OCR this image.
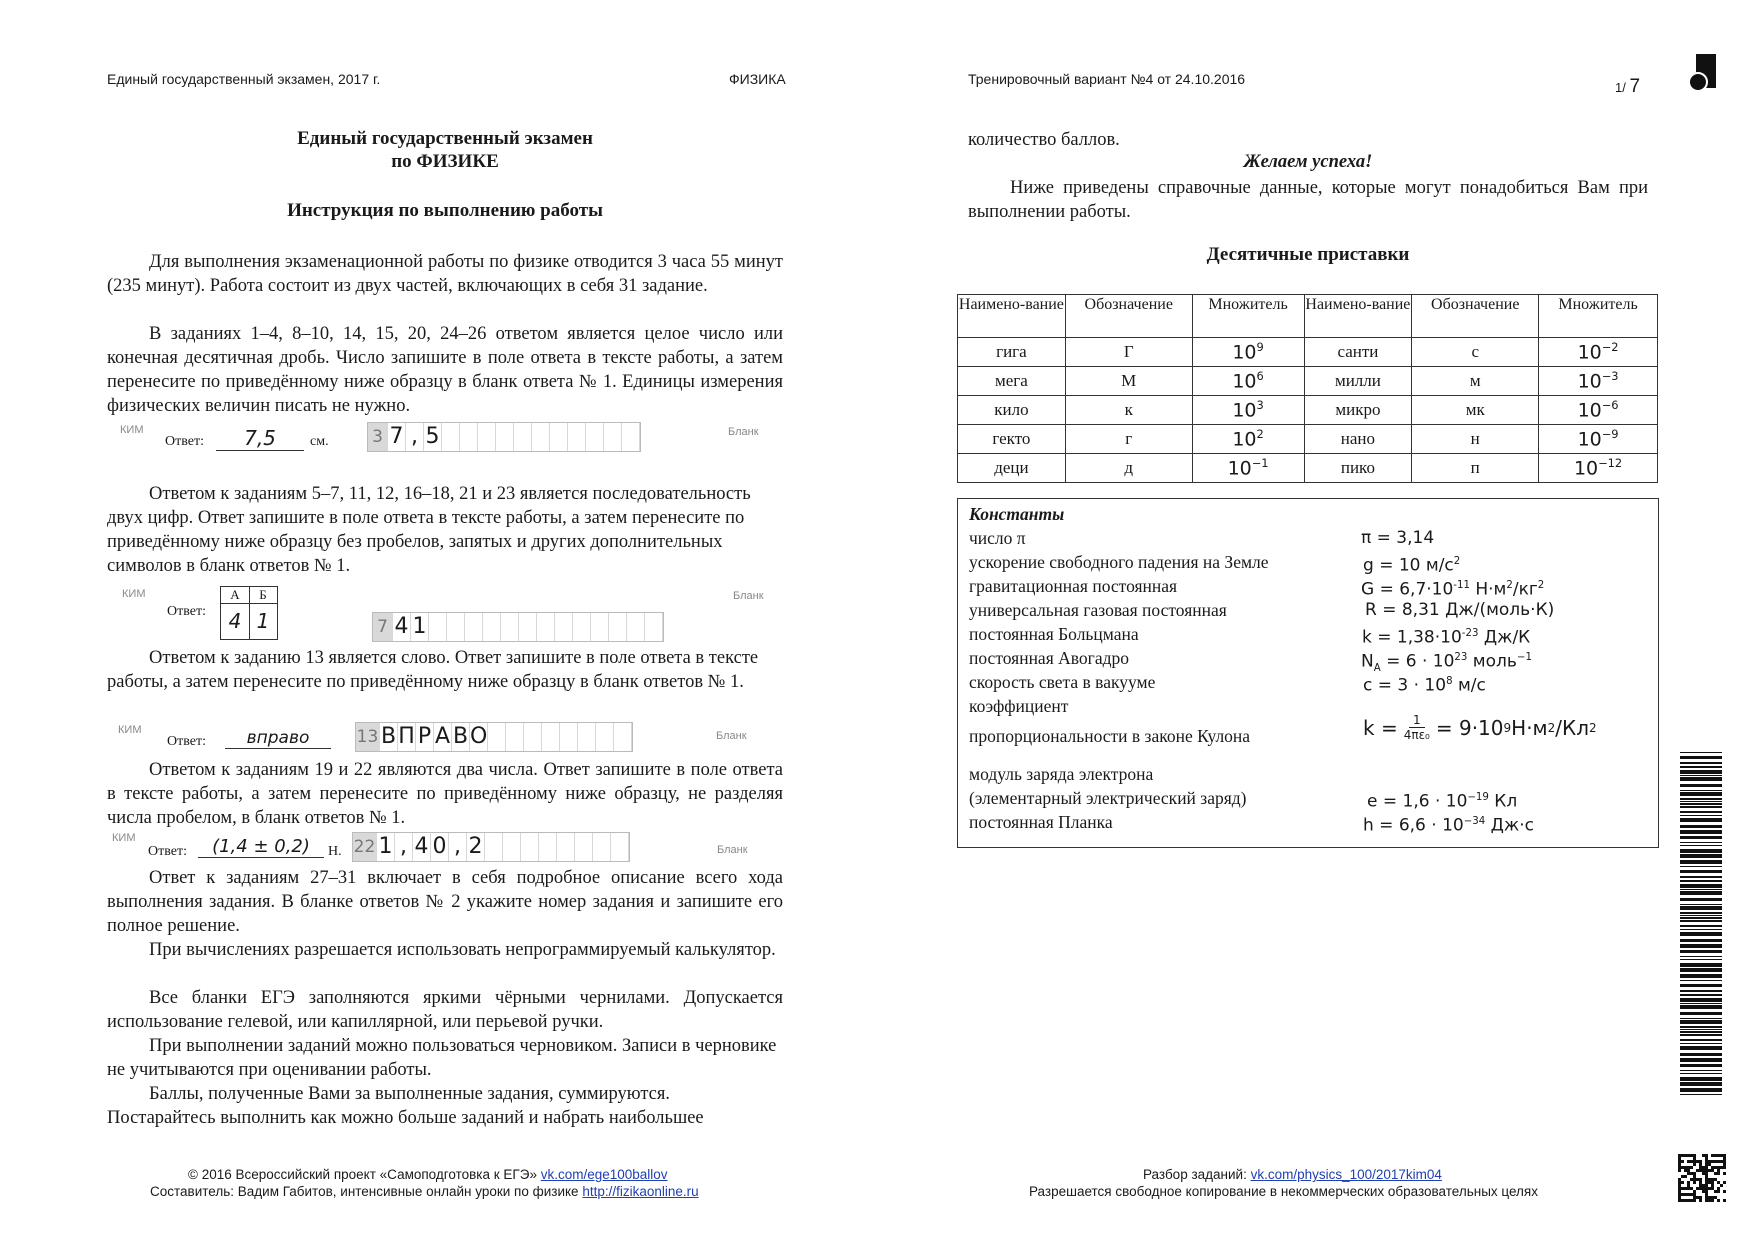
Единый государственный экзамен, 2017 г.	ФИЗИКА	Тренировочный вариант №4 от 24.10.2016
1/ 7
Единый государственный экзамен
по ФИЗИКЕ
Инструкция по выполнению работы
Для выполнения экзаменационной работы по физике отводится 3 часа 55 минут (235 минут). Работа состоит из двух частей, включающих в себя 31 задание.
В заданиях 1–4, 8–10, 14, 15, 20, 24–26 ответом является целое число или конечная десятичная дробь. Число запишите в поле ответа в тексте работы, а затем перенесите по приведённому ниже образцу в бланк ответа № 1. Единицы измерения физических величин писать не нужно.
КИМ
Ответ:	7,5	см.	3 7 , 5	Бланк
Ответом к заданиям 5–7, 11, 12, 16–18, 21 и 23 является последовательность двух цифр. Ответ запишите в поле ответа в тексте работы, а затем перенесите по приведённому ниже образцу без пробелов, запятых и других дополнительных символов в бланк ответов № 1.
КИМ
Ответ:
А	Б
4 1	7 4 1
Бланк
Ответом к заданию 13 является слово. Ответ запишите в поле ответа в тексте работы, а затем перенесите по приведённому ниже образцу в бланк ответов № 1.
КИМ
Ответ:	вправо	13 В П Р А В О	Бланк
Ответом к заданиям 19 и 22 являются два числа. Ответ запишите в поле ответа в тексте работы, а затем перенесите по приведённому ниже образцу, не разделяя числа пробелом, в бланк ответов № 1.
КИМ
Ответ:	(1,4 ± 0,2)	Н. 22 1 , 4 0 , 2	Бланк
Ответ к заданиям 27–31 включает в себя подробное описание всего хода выполнения задания. В бланке ответов № 2 укажите номер задания и запишите его полное решение.
При вычислениях разрешается использовать непрограммируемый калькулятор.
Все бланки ЕГЭ заполняются яркими чёрными чернилами. Допускается использование гелевой, или капиллярной, или перьевой ручки.
При выполнении заданий можно пользоваться черновиком. Записи в черновике не учитываются при оценивании работы.
Баллы, полученные Вами за выполненные задания, суммируются. Постарайтесь выполнить как можно больше заданий и набрать наибольшее
количество баллов.
Желаем успеха!
Ниже приведены справочные данные, которые могут понадобиться Вам при выполнении работы.
Десятичные приставки
Наимено-вание	Обозначение	Множитель	Наимено-вание	Обозначение	Множитель
гига	Г	$10^9$	санти	с	$10^{-2}$
мега	М	$10^6$	милли	м	$10^{-3}$
кило	к	$10^3$	микро	мк	$10^{-6}$
гекто	г	$10^2$	нано	н	$10^{-9}$
деци	д	$10^{-1}$	пико	п	$10^{-12}$
Константы
число π	π = 3,14
ускорение свободного падения на Земле	g = 10 $м/с^2$
гравитационная постоянная	$G = 6,7\cdot 10^{-11}$ $Н\cdot м^2/кг^2$
универсальная газовая постоянная	R = 8,31 Дж/(моль·К)
постоянная Больцмана	$k = 1,38\cdot 10^{-23}$ Дж/К
постоянная Авогадро	$N_A = 6 \cdot 10^{23}$ моль$^{-1}$
скорость света в вакууме	$c = 3 \cdot 10^8$ м/с
коэффициент
пропорциональности в законе Кулона	$k = \frac{1}{\text{4πε₀}} = 9\cdot 10$ 9 Н·м 2 /Кл 2
модуль заряда электрона
(элементарный электрический заряд)	$e = 1,6 \cdot 10^{-19}$ Кл
постоянная Планка	$h = 6,6 \cdot 10^{-34}$ Дж·с
© 2016 Всероссийский проект «Самоподготовка к ЕГЭ» vk.com/ege100ballov
Составитель: Вадим Габитов, интенсивные онлайн уроки по физике http://fizikaonline.ru
Разбор заданий: vk.com/physics_100/2017kim04
Разрешается свободное копирование в некоммерческих образовательных целях
